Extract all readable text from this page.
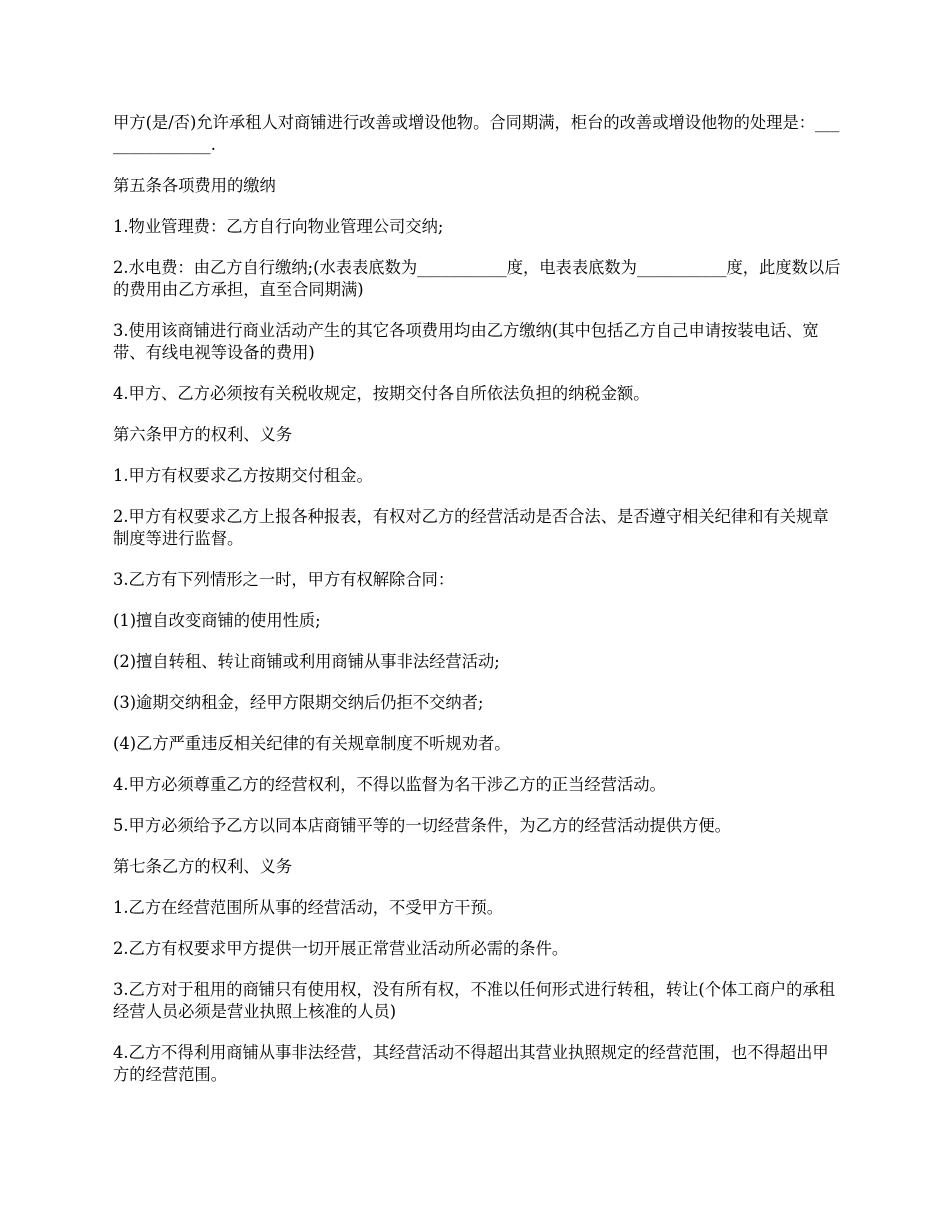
甲方(是/否)允许承租人对商铺进行改善或增设他物。合同期满，柜台的改善或增设他物的处理是：_______________.

第五条各项费用的缴纳

1.物业管理费：乙方自行向物业管理公司交纳;

2.水电费：由乙方自行缴纳;(水表表底数为___________度，电表表底数为___________度，此度数以后的费用由乙方承担，直至合同期满)

3.使用该商铺进行商业活动产生的其它各项费用均由乙方缴纳(其中包括乙方自己申请按装电话、宽带、有线电视等设备的费用)

4.甲方、乙方必须按有关税收规定，按期交付各自所依法负担的纳税金额。

第六条甲方的权利、义务

1.甲方有权要求乙方按期交付租金。

2.甲方有权要求乙方上报各种报表，有权对乙方的经营活动是否合法、是否遵守相关纪律和有关规章制度等进行监督。

3.乙方有下列情形之一时，甲方有权解除合同：

(1)擅自改变商铺的使用性质;

(2)擅自转租、转让商铺或利用商铺从事非法经营活动;

(3)逾期交纳租金，经甲方限期交纳后仍拒不交纳者;

(4)乙方严重违反相关纪律的有关规章制度不听规劝者。

4.甲方必须尊重乙方的经营权利，不得以监督为名干涉乙方的正当经营活动。

5.甲方必须给予乙方以同本店商铺平等的一切经营条件，为乙方的经营活动提供方便。

第七条乙方的权利、义务

1.乙方在经营范围所从事的经营活动，不受甲方干预。

2.乙方有权要求甲方提供一切开展正常营业活动所必需的条件。

3.乙方对于租用的商铺只有使用权，没有所有权，不准以任何形式进行转租，转让(个体工商户的承租经营人员必须是营业执照上核准的人员)

4.乙方不得利用商铺从事非法经营，其经营活动不得超出其营业执照规定的经营范围，也不得超出甲方的经营范围。
